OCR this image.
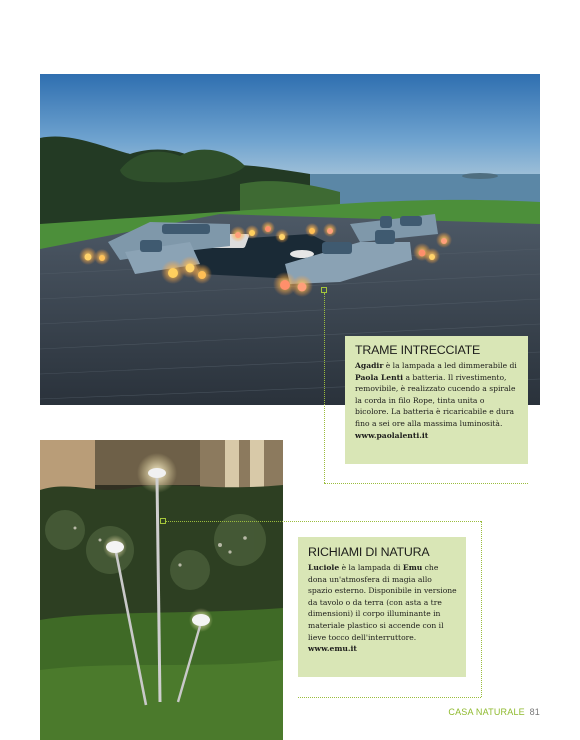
TRAME INTRECCIATE
Agadir è la lampada a led dimmerabile di Paola Lenti a batteria. Il rivestimento, removibile, è realizzato cucendo a spirale la corda in filo Rope, tinta unita o bicolore. La batteria è ricaricabile e dura fino a sei ore alla massima luminosità.
www.paolalenti.it
RICHIAMI DI NATURA
Luciole è la lampada di Emu che dona un'atmosfera di magia allo spazio esterno. Disponibile in versione da tavolo o da terra (con asta a tre dimensioni) il corpo illuminante in materiale plastico si accende con il lieve tocco dell'interruttore.
www.emu.it
CASA NATURALE 81
